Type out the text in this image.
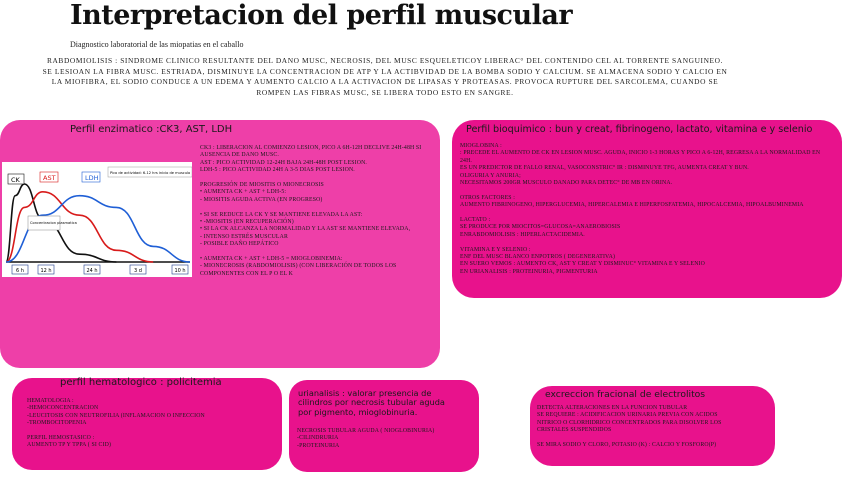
Interpretacion del perfil muscular
Diagnostico laboratorial de las miopatias en el caballo

RABDOMIOLISIS : SINDROME CLINICO RESULTANTE DEL DANO MUSC, NECROSIS, DEL MUSC ESQUELETICOY LIBERAC° DEL CONTENIDO CEL AL TORRENTE SANGUINEO.

SE LESIOAN LA FIBRA MUSC. ESTRIADA, DISMINUYE LA CONCENTRACION DE ATP Y LA ACTIBVIDAD DE LA BOMBA SODIO Y CALCIUM. SE ALMACENA SODIO Y CALCIO EN LA MIOFIBRA, EL SODIO CONDUCE A UN EDEMA Y AUMENTO CALCIO A LA ACTIVACION DE LIPASAS Y PROTEASAS. PROVOCA RUPTURE DEL SARCOLEMA, CUANDO SE ROMPEN LAS FIBRAS MUSC, SE LIBERA TODO ESTO EN SANGRE.

Perfil enzimatico :CK3, AST, LDH
CK	AST	LDH
Pico de actividad: 6-12 hrs inicio de musculo
Concentracion plasmatica
6 h	12 h	24 h	3 d	10 h

CK3 : LIBERACION AL COMIENZO LESION, PICO A 6H-12H DECLIVE 24H-48H SI

AUSENCIA DE DANO MUSC.

AST : PICO ACTIVIDAD 12-24H BAJA 24H-48H POST LESION.

LDH-5 : PICO ACTIVIDAD 24H A 3-5 DIAS POST LESION.

PROGRESIÓN DE MIOSITIS O MIONECROSIS

• AUMENTA CK + AST + LDH-5:

- MIOSITIS AGUDA ACTIVA (EN PROGRESO)

• SI SE REDUCE LA CK Y SE MANTIENE ELEVADA LA AST:

• -MIOSITIS (EN RECUPERACIÓN)

• SI LA CK ALCANZA LA NORMALIDAD Y LA AST SE MANTIENE ELEVADA,

- INTENSO ESTRÉS MUSCULAR

- POSIBLE DAÑO HEPÁTICO

• AUMENTA CK + AST + LDH-5 = MIOGLOBINEMIA:

- MIONECROSIS (RABDOMIOLISIS) (CON LIBERACIÓN DE TODOS LOS

COMPONENTES CON EL P O EL K

Perfil bioquimico : bun y creat, fibrinogeno, lactato, vitamina e y selenio

MIOGLOBINA :

: PRECEDE EL AUMENTO DE CK EN LESION MUSC. AGUDA, INICIO 1-3 HORAS Y PICO A 6-12H, REGRESA A LA NORMALIDAD EN

24H.

ES UN PREDICTOR DE FALLO RENAL, VASOCONSTRIC° IR : DISMINUYE TFG, AUMENTA CREAT Y BUN.

OLIGURIA Y ANURIA;

NECESITAMOS 200GR MUSCULO DANADO PARA DETEC° DE MB EN ORINA.

OTROS FACTORES :

AUMENTO FIBRINOGENO, HIPERGLUCEMIA, HIPERCALEMIA E HIPERFOSFATEMIA, HIPOCALCEMIA, HIPOALBUMINEMIA

LACTATO :

SE PRODUCE POR MIOCITOS=GLUCOSA=ANAEROBIOSIS

ENRABDOMIOLISIS : HIPERLACTACIDEMIA.

VITAMINA E Y SELENIO :

ENF DEL MUSC BLANCO ENPOTROS ( DEGENERATIVA)

EN SUERO VEMOS : AUMENTO CK, AST Y CREAT Y DISMINUC° VITAMINA E Y SELENIO

EN URIANALISIS : PROTEINURIA, PIGMENTURIA

perfil hematologico : policitemia

HEMATOLOGIA :

-HEMOCONCENTRACION

-LEUCITOSIS CON NEUTROFILIA (INFLAMACION O INFECCION

-TROMBOCITOPENIA

PERFIL HEMOSTASICO :

AUMENTO TP Y TPPA ( SI CID)

urianalisis : valorar presencia de
cilindros por necrosis tubular aguda
por pigmento, mioglobinuria.

NECROSIS TUBULAR AGUDA ( NIOGLOBINURIA)

-CILINDRURIA

-PROTEINURIA

excreccion fracional de electrolitos

DETECTA ALTERACIONES EN LA FUNCION TUBULAR

SE REQUIERE : ACIDIFICACION URINARIA PREVIA CON ACIDOS

NITRICO O CLORHIDRICO CONCENTRADOS PARA DISOLVER LOS

CRISTALES SUSPENDIDOS

SE MIRA SODIO Y CLORO, POTASIO (K) : CALCIO Y FOSFORO(P)
